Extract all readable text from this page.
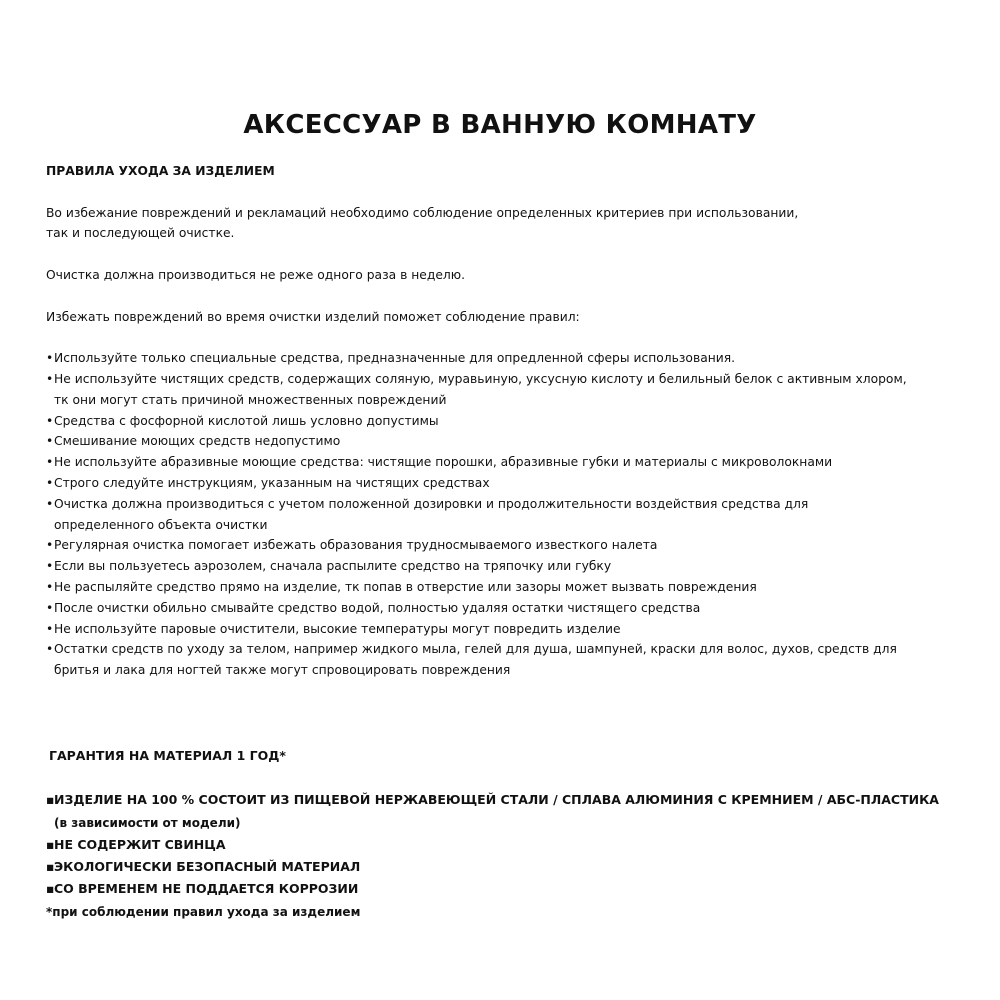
АКСЕССУАР В ВАННУЮ КОМНАТУ

ПРАВИЛА УХОДА ЗА ИЗДЕЛИЕМ

Во избежание повреждений и рекламаций необходимо соблюдение определенных критериев при использовании,

так и последующей очистке.

Очистка должна производиться не реже одного раза в неделю.

Избежать повреждений во время очистки изделий поможет соблюдение правил:

• Используйте только специальные средства, предназначенные для опредленной сферы использования.
• Не используйте чистящих средств, содержащих соляную, муравьиную, уксусную кислоту и белильный белок с активным хлором,
тк они могут стать причиной множественных повреждений
• Средства с фосфорной кислотой лишь условно допустимы
• Смешивание моющих средств недопустимо
• Не используйте абразивные моющие средства: чистящие порошки, абразивные губки и материалы с микроволокнами
• Строго следуйте инструкциям, указанным на чистящих средствах
• Очистка должна производиться с учетом положенной дозировки и продолжительности воздействия средства для
определенного объекта очистки
• Регулярная очистка помогает избежать образования трудносмываемого известкого налета
• Если вы пользуетесь аэрозолем, сначала распылите средство на тряпочку или губку
• Не распыляйте средство прямо на изделие, тк попав в отверстие или зазоры может вызвать повреждения
• После очистки обильно смывайте средство водой, полностью удаляя остатки чистящего средства
• Не используйте паровые очистители, высокие температуры могут повредить изделие
• Остатки средств по уходу за телом, например жидкого мыла, гелей для душа, шампуней, краски для волос, духов, средств для
бритья и лака для ногтей также могут спровоцировать повреждения

ГАРАНТИЯ НА МАТЕРИАЛ 1 ГОД*

▪ ИЗДЕЛИЕ НА 100 % СОСТОИТ ИЗ ПИЩЕВОЙ НЕРЖАВЕЮЩЕЙ СТАЛИ / СПЛАВА АЛЮМИНИЯ С КРЕМНИЕМ / АБС-ПЛАСТИКА
(в зависимости от модели)
▪ НЕ СОДЕРЖИТ СВИНЦА
▪ ЭКОЛОГИЧЕСКИ БЕЗОПАСНЫЙ МАТЕРИАЛ
▪ СО ВРЕМЕНЕМ НЕ ПОДДАЕТСЯ КОРРОЗИИ

*при соблюдении правил ухода за изделием
